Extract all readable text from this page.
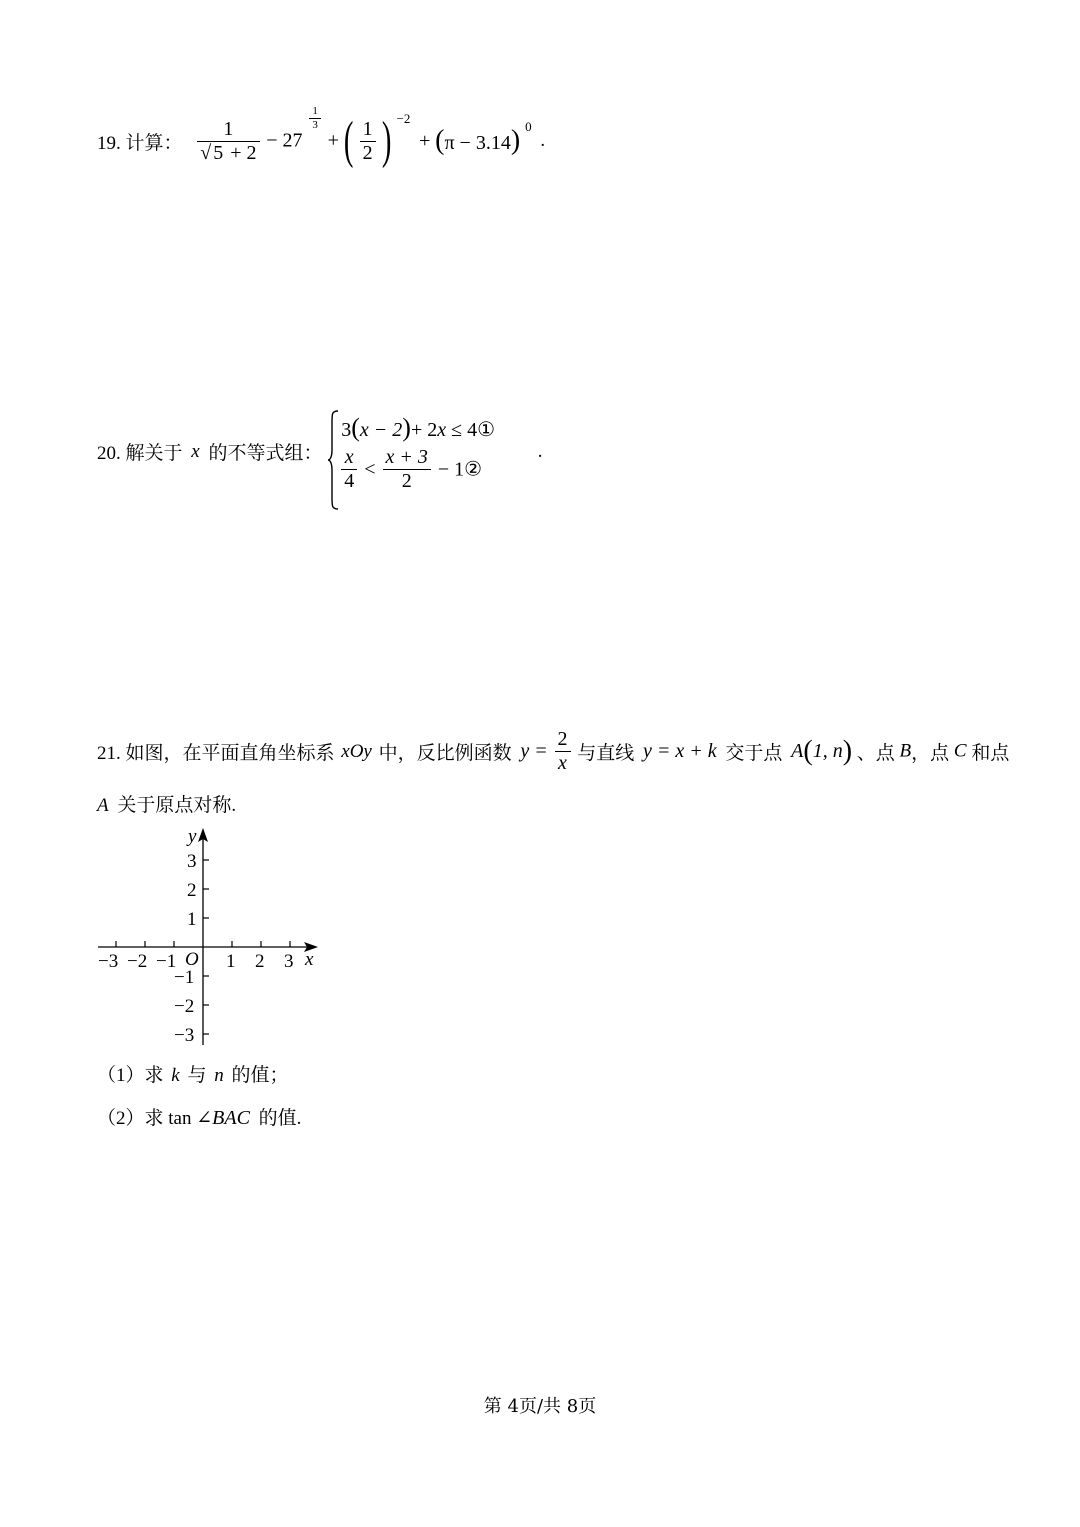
19. 计算： $\frac{1}{√ 5 + 2} - 27$
$\frac{1}{3}$
+ ( $\frac{1}{2}$ ) $^{-2}$ + (π − 3.14) $^0$ .
20. 解关于 x 的不等式组：
3(x − 2)+ 2x ≤ 4①
$\frac{x}{4} < \frac{x + 3}{2}$ − 1②
.
21. 如图，在平面直角坐标系 xOy 中，反比例函数 $y = \frac{2}{x}$ 与直线 y = x + k 交于点 A(1, n) 、点 B，点 C 和点
A 关于原点对称.
y
x
O
−3 −2 −1	1 2 3
3
2
1
−1
−2
−3
（1）求 k 与 n 的值；
（2）求 tan ∠BAC 的值.
第 4页/共 8页
